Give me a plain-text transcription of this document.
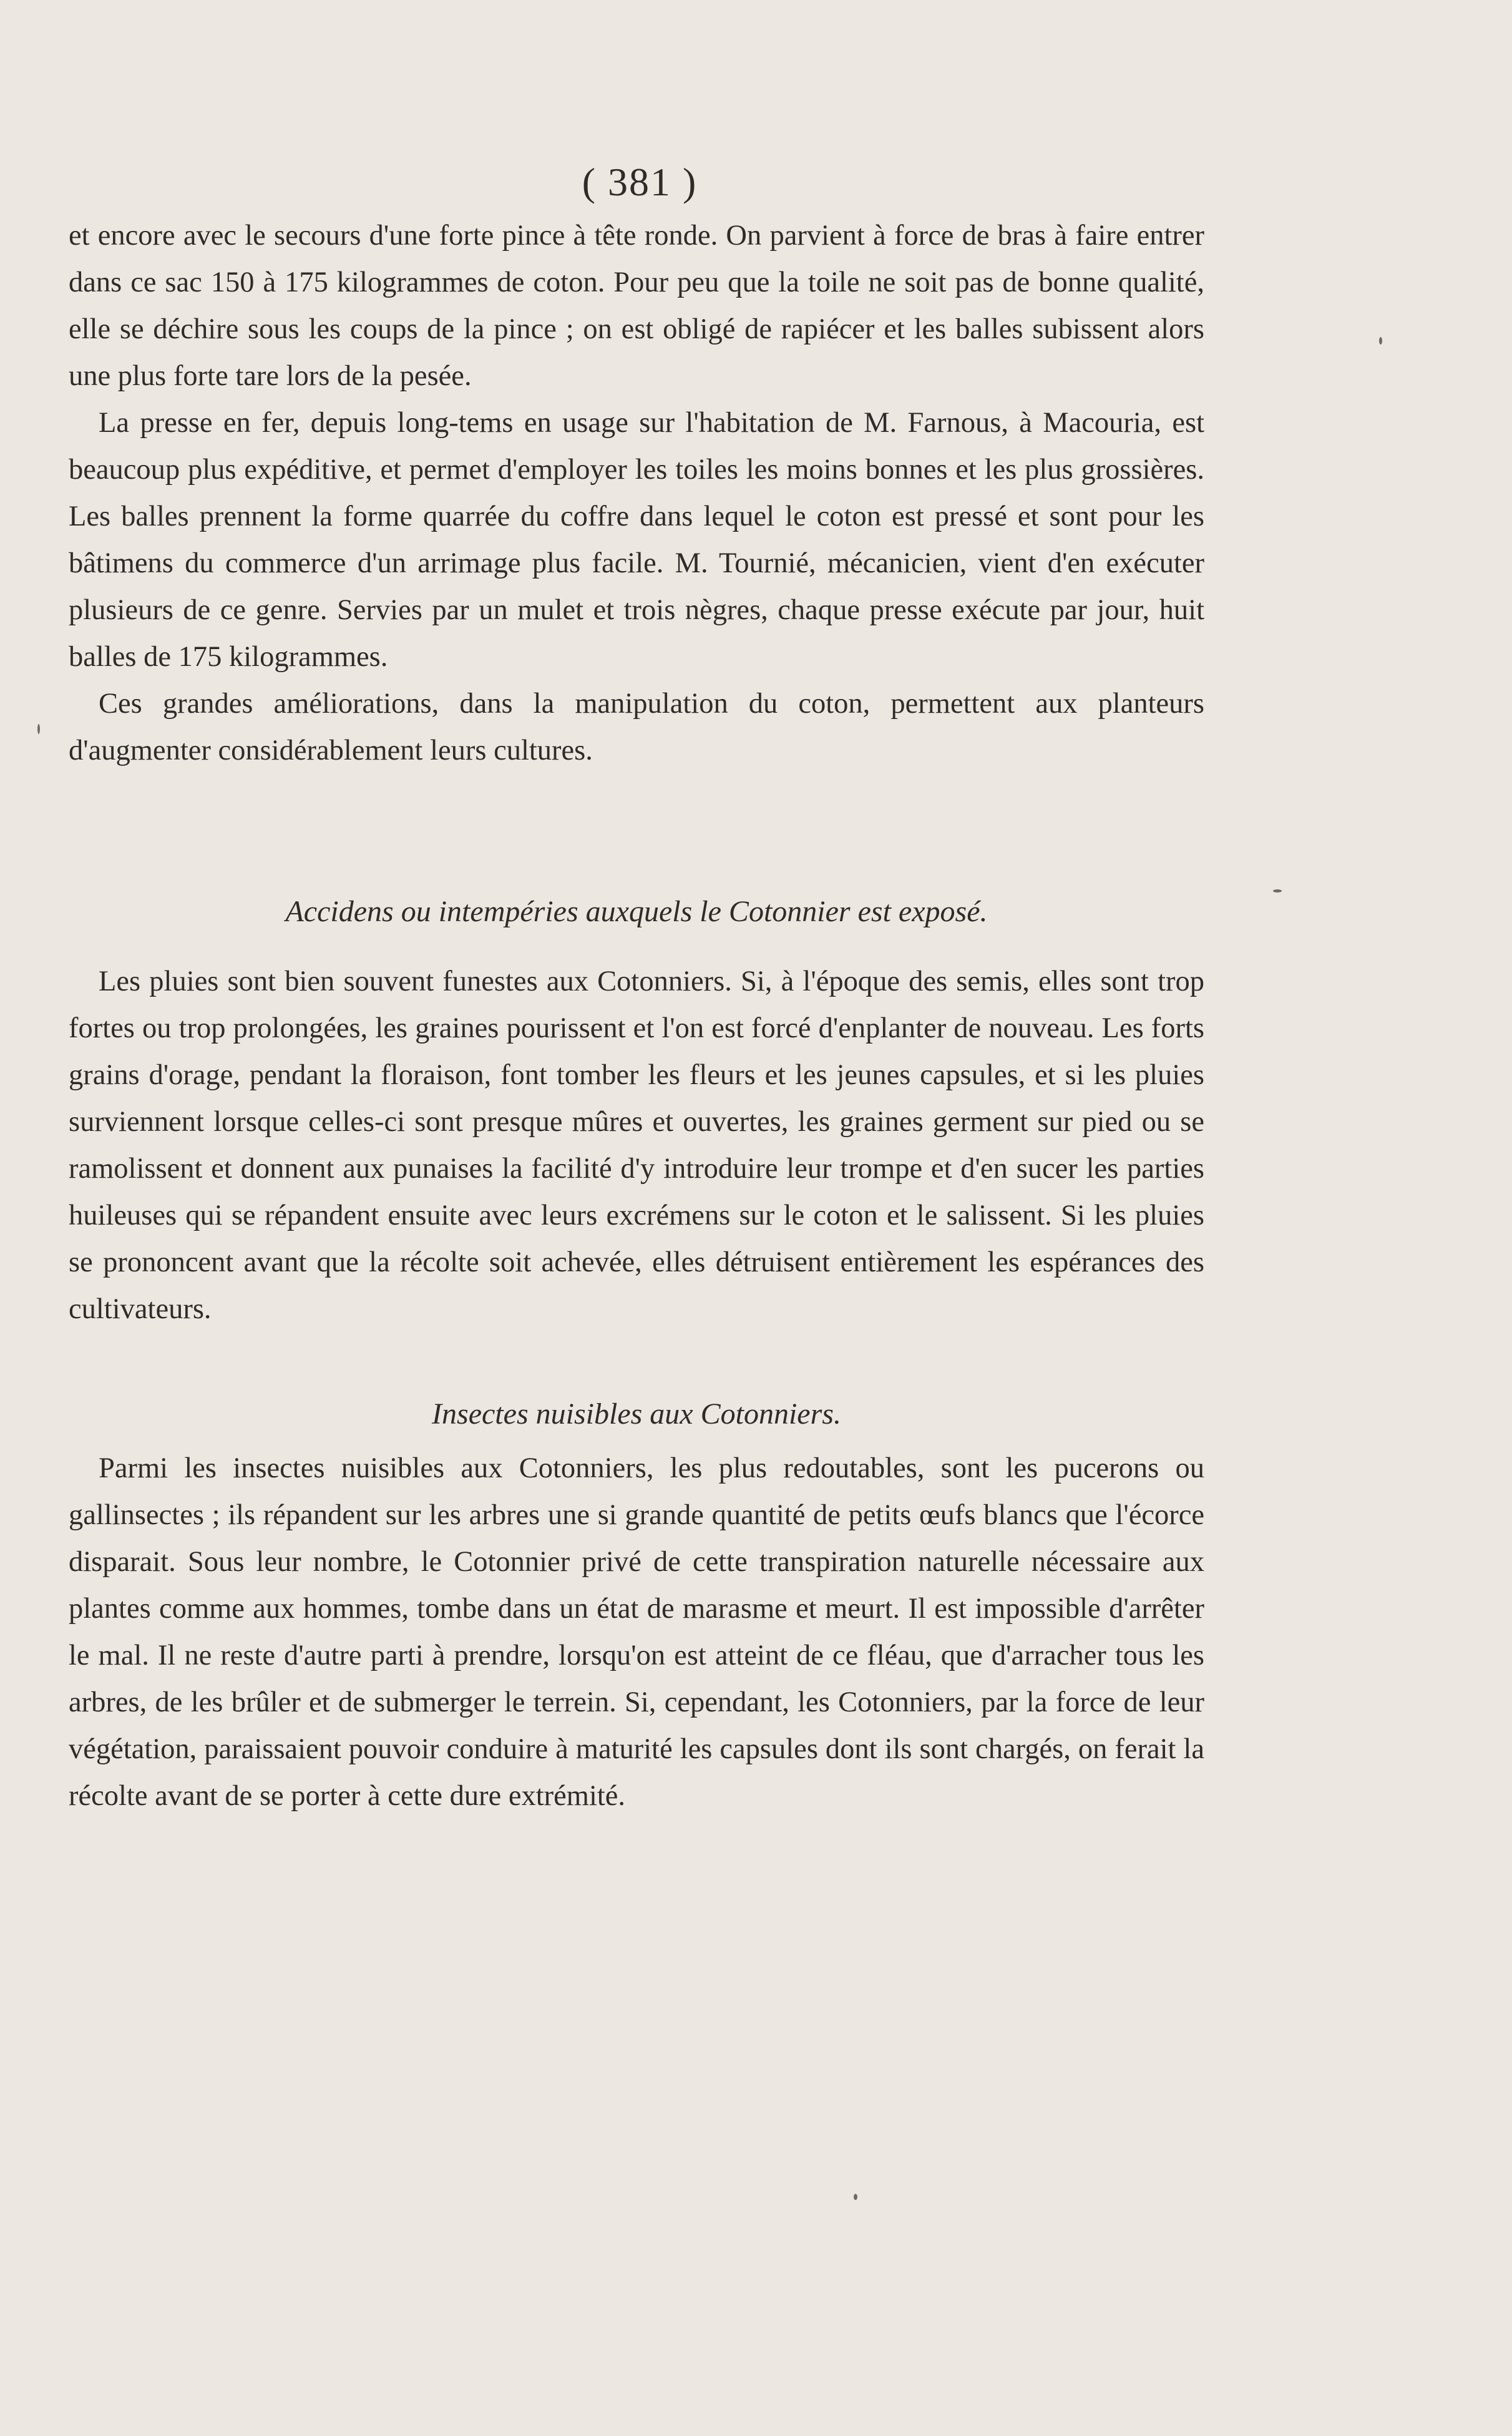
( 381 )

et encore avec le secours d'une forte pince à tête ronde. On parvient à force de bras à faire entrer dans ce sac 150 à 175 kilogrammes de coton. Pour peu que la toile ne soit pas de bonne qualité, elle se déchire sous les coups de la pince ; on est obligé de rapiécer et les balles subissent alors une plus forte tare lors de la pesée.

La presse en fer, depuis long-tems en usage sur l'habitation de M. Farnous, à Macouria, est beaucoup plus expéditive, et permet d'employer les toiles les moins bonnes et les plus grossières. Les balles prennent la forme quarrée du coffre dans lequel le coton est pressé et sont pour les bâtimens du commerce d'un arrimage plus facile. M. Tournié, mécanicien, vient d'en exécuter plusieurs de ce genre. Servies par un mulet et trois nègres, chaque presse exécute par jour, huit balles de 175 kilogrammes.

Ces grandes améliorations, dans la manipulation du coton, permettent aux planteurs d'augmenter considérablement leurs cultures.

Accidens ou intempéries auxquels le Cotonnier est exposé.

Les pluies sont bien souvent funestes aux Cotonniers. Si, à l'époque des semis, elles sont trop fortes ou trop prolongées, les graines pourissent et l'on est forcé d'enplanter de nouveau. Les forts grains d'orage, pendant la floraison, font tomber les fleurs et les jeunes capsules, et si les pluies surviennent lorsque celles-ci sont presque mûres et ouvertes, les graines germent sur pied ou se ramolissent et donnent aux punaises la facilité d'y introduire leur trompe et d'en sucer les parties huileuses qui se répandent ensuite avec leurs excrémens sur le coton et le salissent. Si les pluies se prononcent avant que la récolte soit achevée, elles détruisent entièrement les espérances des cultivateurs.

Insectes nuisibles aux Cotonniers.

Parmi les insectes nuisibles aux Cotonniers, les plus redoutables, sont les pucerons ou gallinsectes ; ils répandent sur les arbres une si grande quantité de petits œufs blancs que l'écorce disparait. Sous leur nombre, le Cotonnier privé de cette transpiration naturelle nécessaire aux plantes comme aux hommes, tombe dans un état de marasme et meurt. Il est impossible d'arrêter le mal. Il ne reste d'autre parti à prendre, lorsqu'on est atteint de ce fléau, que d'arracher tous les arbres, de les brûler et de submerger le terrein. Si, cependant, les Cotonniers, par la force de leur végétation, paraissaient pouvoir conduire à maturité les capsules dont ils sont chargés, on ferait la récolte avant de se porter à cette dure extrémité.
